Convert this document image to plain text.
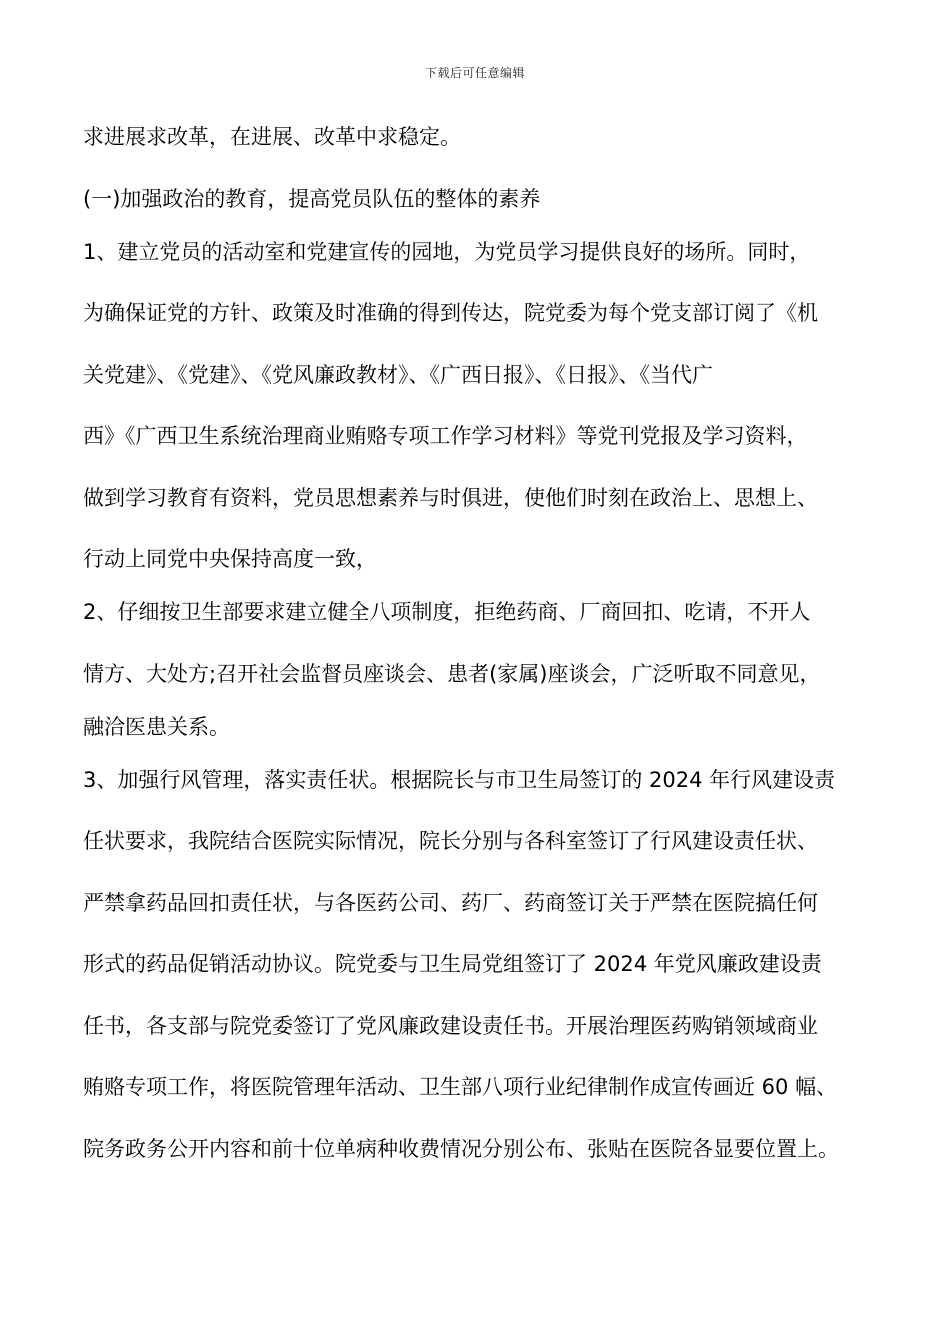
下载后可任意编辑
求进展求改革，在进展、改革中求稳定。
(一)加强政治的教育，提高党员队伍的整体的素养
1、建立党员的活动室和党建宣传的园地，为党员学习提供良好的场所。同时，
为确保证党的方针、政策及时准确的得到传达，院党委为每个党支部订阅了《机
关党建》、《党建》、《党风廉政教材》、《广西日报》、《日报》、《当代广
西》《广西卫生系统治理商业贿赂专项工作学习材料》等党刊党报及学习资料，
做到学习教育有资料，党员思想素养与时俱进，使他们时刻在政治上、思想上、
行动上同党中央保持高度一致，
2、仔细按卫生部要求建立健全八项制度，拒绝药商、厂商回扣、吃请，不开人
情方、大处方;召开社会监督员座谈会、患者(家属)座谈会，广泛听取不同意见，
融洽医患关系。
3、加强行风管理，落实责任状。根据院长与市卫生局签订的 2024 年行风建设责
任状要求，我院结合医院实际情况，院长分别与各科室签订了行风建设责任状、
严禁拿药品回扣责任状，与各医药公司、药厂、药商签订关于严禁在医院搞任何
形式的药品促销活动协议。院党委与卫生局党组签订了 2024 年党风廉政建设责
任书，各支部与院党委签订了党风廉政建设责任书。开展治理医药购销领域商业
贿赂专项工作，将医院管理年活动、卫生部八项行业纪律制作成宣传画近 60 幅、
院务政务公开内容和前十位单病种收费情况分别公布、张贴在医院各显要位置上。
